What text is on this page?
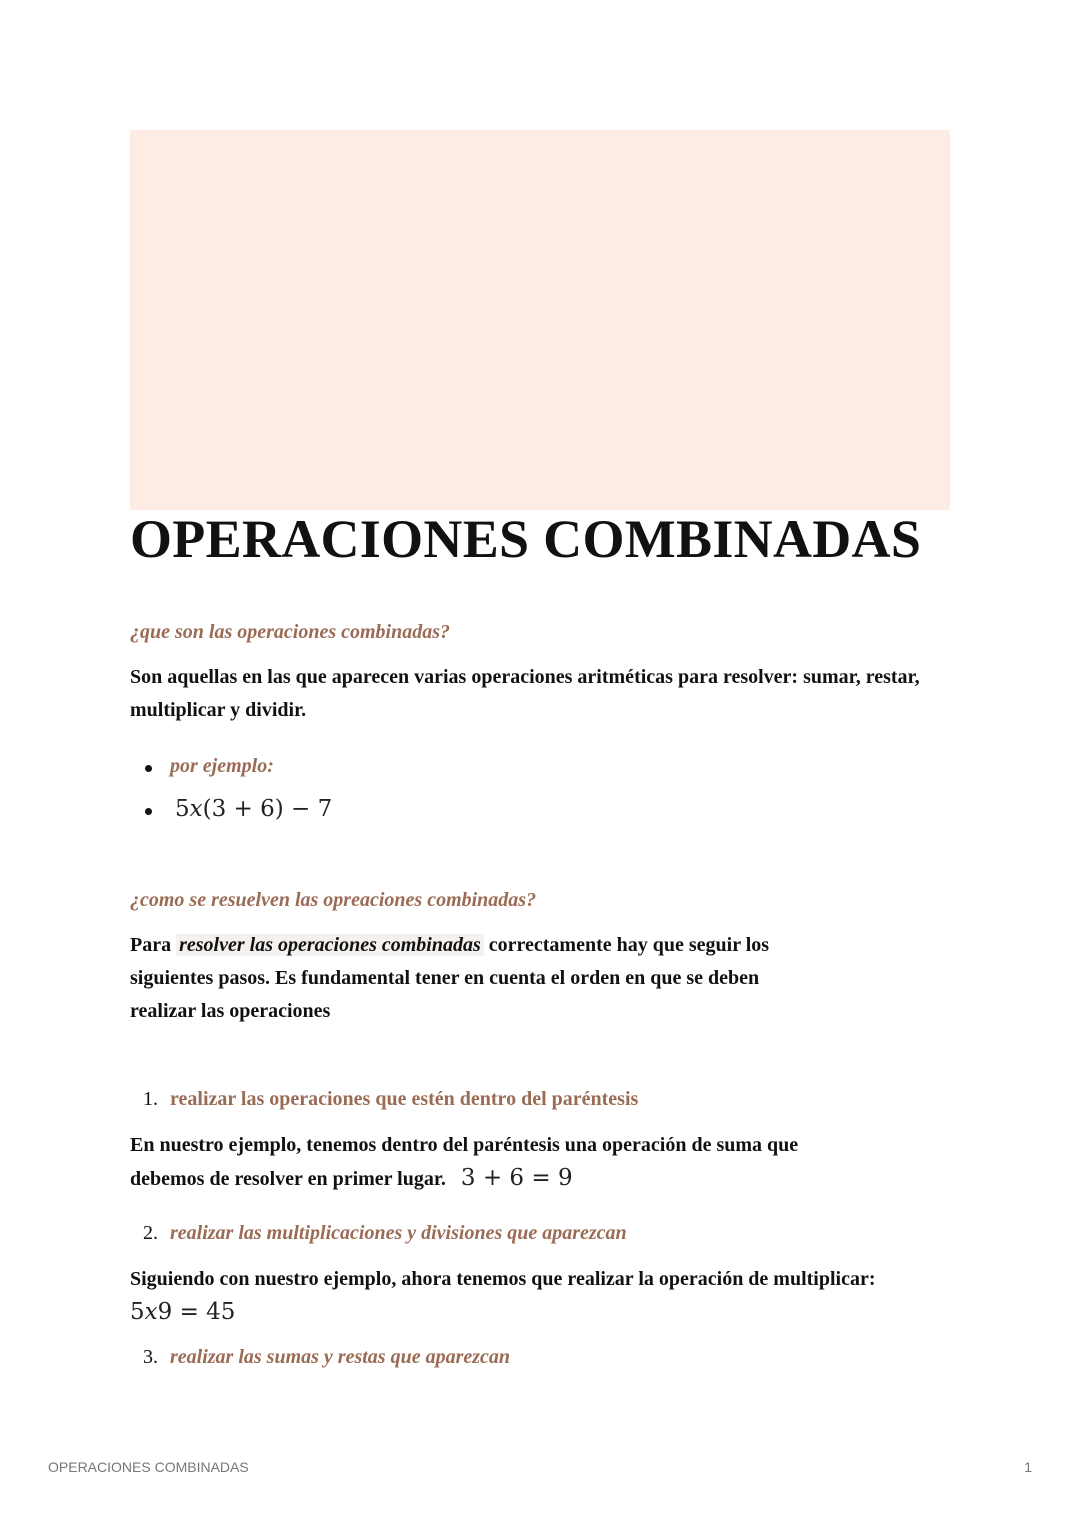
OPERACIONES COMBINADAS

¿que son las operaciones combinadas?

Son aquellas en las que aparecen varias operaciones aritméticas para resolver: sumar, restar, multiplicar y dividir.

por ejemplo:

5x(3 + 6) − 7

¿como se resuelven las opreaciones combinadas?

Para resolver las operaciones combinadas correctamente hay que seguir los
siguientes pasos. Es fundamental tener en cuenta el orden en que se deben
realizar las operaciones

1. realizar las operaciones que estén dentro del paréntesis

En nuestro ejemplo, tenemos dentro del paréntesis una operación de suma que
debemos de resolver en primer lugar. 3 + 6 = 9

2. realizar las multiplicaciones y divisiones que aparezcan

Siguiendo con nuestro ejemplo, ahora tenemos que realizar la operación de multiplicar:
5x9 = 45

3. realizar las sumas y restas que aparezcan

OPERACIONES COMBINADAS	1
